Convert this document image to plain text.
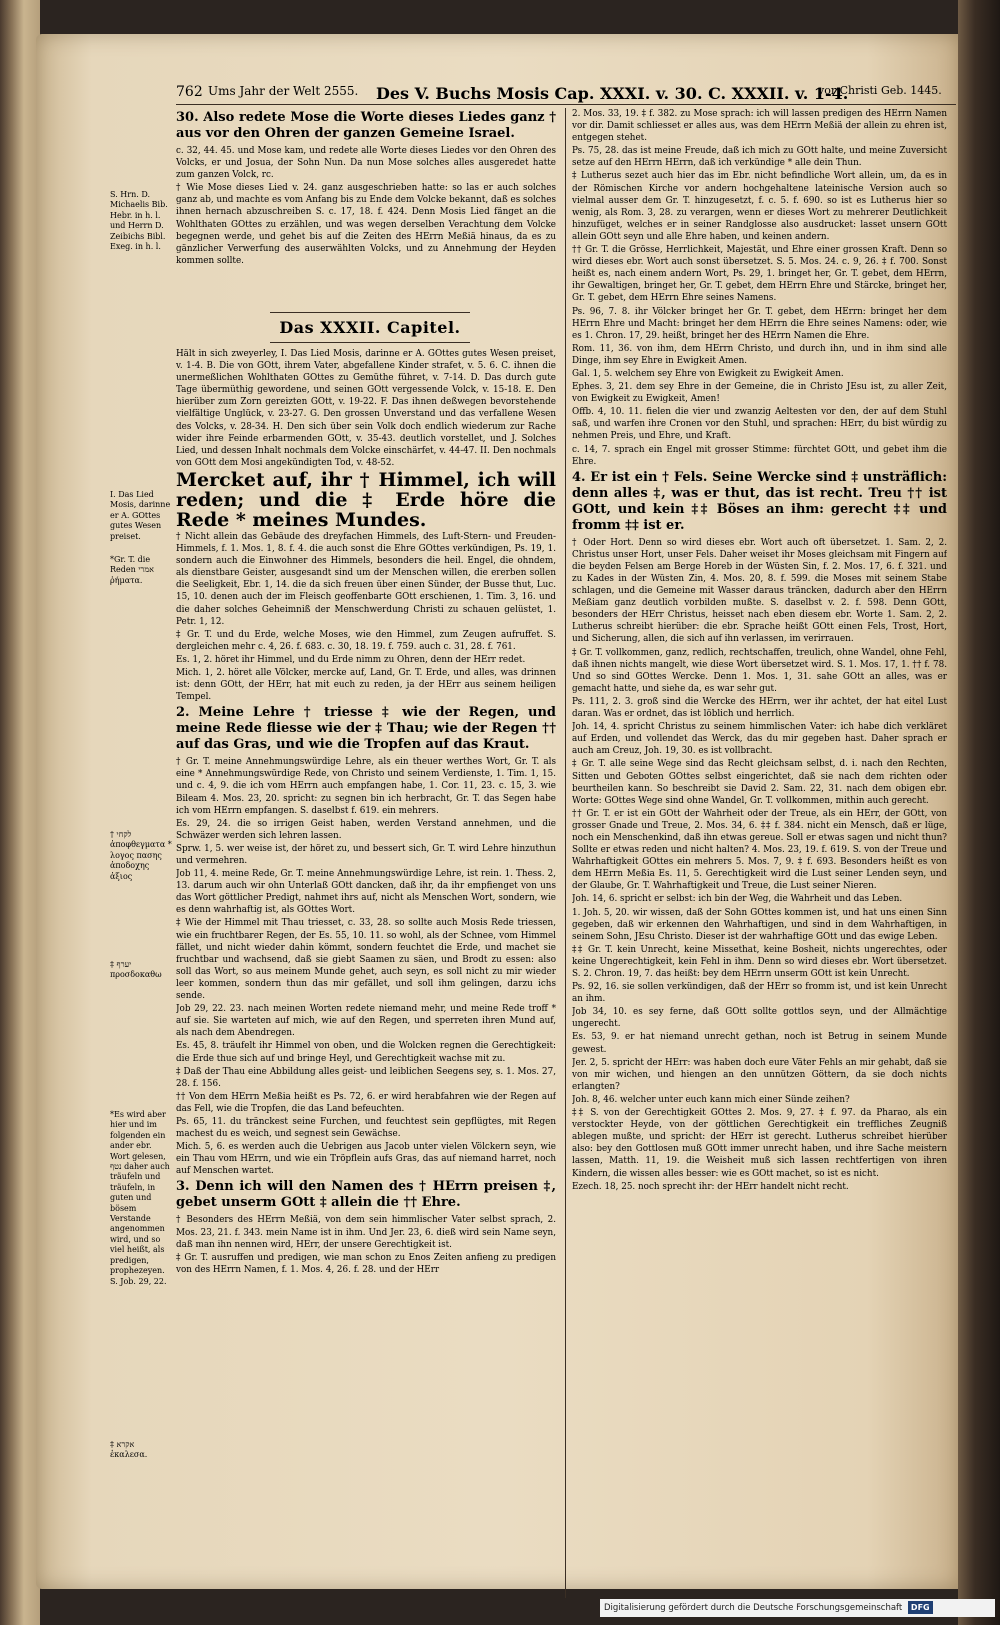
762 Ums Jahr der Welt 2555. Des V. Buchs Mosis Cap. XXXI. v. 30. C. XXXII. v. 1-4.
vor Christi Geb. 1445.

30. Also redete Mose die Worte dieses Liedes ganz † aus vor den Ohren der ganzen Gemeine Israel.

c. 32, 44. 45. und Mose kam, und redete alle Worte dieses Liedes vor den Ohren des Volcks, er und Josua, der Sohn Nun. Da nun Mose solches alles ausgeredet hatte zum ganzen Volck, rc.

† Wie Mose dieses Lied v. 24. ganz ausgeschrieben hatte: so las er auch solches ganz ab, und machte es vom Anfang bis zu Ende dem Volcke bekannt, daß es solches ihnen hernach abzuschreiben S. c. 17, 18. f. 424. Denn Mosis Lied fänget an die Wohlthaten GOttes zu erzählen, und was wegen derselben Verachtung dem Volcke begegnen werde, und gehet bis auf die Zeiten des HErrn Meßiä hinaus, da es zu gänzlicher Verwerfung des auserwählten Volcks, und zu Annehmung der Heyden kommen sollte.

Das XXXII. Capitel.

Hält in sich zweyerley, I. Das Lied Mosis, darinne er A. GOttes gutes Wesen preiset, v. 1-4. B. Die von GOtt, ihrem Vater, abgefallene Kinder strafet, v. 5. 6. C. ihnen die unermeßlichen Wohlthaten GOttes zu Gemüthe führet, v. 7-14. D. Das durch gute Tage übermüthig gewordene, und seinen GOtt vergessende Volck, v. 15-18. E. Den hierüber zum Zorn gereizten GOtt, v. 19-22. F. Das ihnen deßwegen bevorstehende vielfältige Unglück, v. 23-27. G. Den grossen Unverstand und das verfallene Wesen des Volcks, v. 28-34. H. Den sich über sein Volk doch endlich wiederum zur Rache wider ihre Feinde erbarmenden GOtt, v. 35-43. deutlich vorstellet, und J. Solches Lied, und dessen Inhalt nochmals dem Volcke einschärfet, v. 44-47. II. Den nochmals von GOtt dem Mosi angekündigten Tod, v. 48-52.

Mercket auf, ihr † Himmel, ich will reden; und die ‡ Erde höre die Rede * meines Mundes.

† Nicht allein das Gebäude des dreyfachen Himmels, des Luft-Stern- und Freuden-Himmels, f. 1. Mos. 1, 8. f. 4. die auch sonst die Ehre GOttes verkündigen, Ps. 19, 1. sondern auch die Einwohner des Himmels, besonders die heil. Engel, die ohndem, als dienstbare Geister, ausgesandt sind um der Menschen willen, die ererben sollen die Seeligkeit, Ebr. 1, 14. die da sich freuen über einen Sünder, der Busse thut, Luc. 15, 10. denen auch der im Fleisch geoffenbarte GOtt erschienen, 1. Tim. 3, 16. und die daher solches Geheimniß der Menschwerdung Christi zu schauen gelüstet, 1. Petr. 1, 12.

‡ Gr. T. und du Erde, welche Moses, wie den Himmel, zum Zeugen aufruffet. S. dergleichen mehr c. 4, 26. f. 683. c. 30, 18. 19. f. 759. auch c. 31, 28. f. 761.

Es. 1, 2. höret ihr Himmel, und du Erde nimm zu Ohren, denn der HErr redet.

Mich. 1, 2. höret alle Völcker, mercke auf, Land, Gr. T. Erde, und alles, was drinnen ist: denn GOtt, der HErr, hat mit euch zu reden, ja der HErr aus seinem heiligen Tempel.

2. Meine Lehre † triesse ‡ wie der Regen, und meine Rede fliesse wie der ‡ Thau; wie der Regen †† auf das Gras, und wie die Tropfen auf das Kraut.

† Gr. T. meine Annehmungswürdige Lehre, als ein theuer werthes Wort, Gr. T. als eine * Annehmungswürdige Rede, von Christo und seinem Verdienste, 1. Tim. 1, 15. und c. 4, 9. die ich vom HErrn auch empfangen habe, 1. Cor. 11, 23. c. 15, 3. wie Bileam 4. Mos. 23, 20. spricht: zu segnen bin ich herbracht, Gr. T. das Segen habe ich vom HErrn empfangen. S. daselbst f. 619. ein mehrers.

Es. 29, 24. die so irrigen Geist haben, werden Verstand annehmen, und die Schwäzer werden sich lehren lassen.

Sprw. 1, 5. wer weise ist, der höret zu, und bessert sich, Gr. T. wird Lehre hinzuthun und vermehren.

Job 11, 4. meine Rede, Gr. T. meine Annehmungswürdige Lehre, ist rein. 1. Thess. 2, 13. darum auch wir ohn Unterlaß GOtt dancken, daß ihr, da ihr empfienget von uns das Wort göttlicher Predigt, nahmet ihrs auf, nicht als Menschen Wort, sondern, wie es denn wahrhaftig ist, als GOttes Wort.

‡ Wie der Himmel mit Thau triesset, c. 33, 28. so sollte auch Mosis Rede triessen, wie ein fruchtbarer Regen, der Es. 55, 10. 11. so wohl, als der Schnee, vom Himmel fället, und nicht wieder dahin kömmt, sondern feuchtet die Erde, und machet sie fruchtbar und wachsend, daß sie giebt Saamen zu säen, und Brodt zu essen: also soll das Wort, so aus meinem Munde gehet, auch seyn, es soll nicht zu mir wieder leer kommen, sondern thun das mir gefället, und soll ihm gelingen, darzu ichs sende.

Job 29, 22. 23. nach meinen Worten redete niemand mehr, und meine Rede troff * auf sie. Sie warteten auf mich, wie auf den Regen, und sperreten ihren Mund auf, als nach dem Abendregen.

Es. 45, 8. träufelt ihr Himmel von oben, und die Wolcken regnen die Gerechtigkeit: die Erde thue sich auf und bringe Heyl, und Gerechtigkeit wachse mit zu.

‡ Daß der Thau eine Abbildung alles geist- und leiblichen Seegens sey, s. 1. Mos. 27, 28. f. 156.

†† Von dem HErrn Meßia heißt es Ps. 72, 6. er wird herabfahren wie der Regen auf das Fell, wie die Tropfen, die das Land befeuchten.

Ps. 65, 11. du tränckest seine Furchen, und feuchtest sein gepflügtes, mit Regen machest du es weich, und segnest sein Gewächse.

Mich. 5, 6. es werden auch die Uebrigen aus Jacob unter vielen Völckern seyn, wie ein Thau vom HErrn, und wie ein Tröpflein aufs Gras, das auf niemand harret, noch auf Menschen wartet.

3. Denn ich will den Namen des † HErrn preisen ‡, gebet unserm GOtt ‡ allein die †† Ehre.

† Besonders des HErrn Meßiä, von dem sein himmlischer Vater selbst sprach, 2. Mos. 23, 21. f. 343. mein Name ist in ihm. Und Jer. 23, 6. dieß wird sein Name seyn, daß man ihn nennen wird, HErr, der unsere Gerechtigkeit ist.

‡ Gr. T. ausruffen und predigen, wie man schon zu Enos Zeiten anfieng zu predigen von des HErrn Namen, f. 1. Mos. 4, 26. f. 28. und der HErr

S. Hrn. D. Michaelis Bib. Hebr. in h. l. und Herrn D. Zeibichs Bibl. Exeg. in h. l.
I. Das Lied Mosis, darinne er A. GOttes gutes Wesen preiset.
*Gr. T. die Reden אמרי ῥήματα.
† לקחי ἀποφθεγματα * λογος πασης ἀποδοχης ἀξιος
‡ יערף προσδοκαθω
*Es wird aber hier und im folgenden ein ander ebr. Wort gelesen, נטף daher auch träufeln und träufeln, in guten und bösem Verstande angenommen wird, und so viel heißt, als predigen, prophezeyen. S. Job. 29, 22.
‡ אקרא ἐκαλεσα.

2. Mos. 33, 19. ‡ f. 382. zu Mose sprach: ich will lassen predigen des HErrn Namen vor dir. Damit schliesset er alles aus, was dem HErrn Meßiä der allein zu ehren ist, entgegen stehet.

Ps. 75, 28. das ist meine Freude, daß ich mich zu GOtt halte, und meine Zuversicht setze auf den HErrn HErrn, daß ich verkündige * alle dein Thun.

‡ Lutherus sezet auch hier das im Ebr. nicht befindliche Wort allein, um, da es in der Römischen Kirche vor andern hochgehaltene lateinische Version auch so vielmal ausser dem Gr. T. hinzugesetzt, f. c. 5. f. 690. so ist es Lutherus hier so wenig, als Rom. 3, 28. zu verargen, wenn er dieses Wort zu mehrerer Deutlichkeit hinzufüget, welches er in seiner Randglosse also ausdrucket: lasset unsern GOtt allein GOtt seyn und alle Ehre haben, und keinen andern.

†† Gr. T. die Grösse, Herrlichkeit, Majestät, und Ehre einer grossen Kraft. Denn so wird dieses ebr. Wort auch sonst übersetzet. S. 5. Mos. 24. c. 9, 26. ‡ f. 700. Sonst heißt es, nach einem andern Wort, Ps. 29, 1. bringet her, Gr. T. gebet, dem HErrn, ihr Gewaltigen, bringet her, Gr. T. gebet, dem HErrn Ehre und Stärcke, bringet her, Gr. T. gebet, dem HErrn Ehre seines Namens.

Ps. 96, 7. 8. ihr Völcker bringet her Gr. T. gebet, dem HErrn: bringet her dem HErrn Ehre und Macht: bringet her dem HErrn die Ehre seines Namens: oder, wie es 1. Chron. 17, 29. heißt, bringet her des HErrn Namen die Ehre.

Rom. 11, 36. von ihm, dem HErrn Christo, und durch ihn, und in ihm sind alle Dinge, ihm sey Ehre in Ewigkeit Amen.

Gal. 1, 5. welchem sey Ehre von Ewigkeit zu Ewigkeit Amen.

Ephes. 3, 21. dem sey Ehre in der Gemeine, die in Christo JEsu ist, zu aller Zeit, von Ewigkeit zu Ewigkeit, Amen!

Offb. 4, 10. 11. fielen die vier und zwanzig Aeltesten vor den, der auf dem Stuhl saß, und warfen ihre Cronen vor den Stuhl, und sprachen: HErr, du bist würdig zu nehmen Preis, und Ehre, und Kraft.

c. 14, 7. sprach ein Engel mit grosser Stimme: fürchtet GOtt, und gebet ihm die Ehre.

4. Er ist ein † Fels. Seine Wercke sind ‡ unsträflich: denn alles ‡, was er thut, das ist recht. Treu †† ist GOtt, und kein ‡‡ Böses an ihm: gerecht ‡‡ und fromm ‡‡ ist er.

† Oder Hort. Denn so wird dieses ebr. Wort auch oft übersetzet. 1. Sam. 2, 2. Christus unser Hort, unser Fels. Daher weiset ihr Moses gleichsam mit Fingern auf die beyden Felsen am Berge Horeb in der Wüsten Sin, f. 2. Mos. 17, 6. f. 321. und zu Kades in der Wüsten Zin, 4. Mos. 20, 8. f. 599. die Moses mit seinem Stabe schlagen, und die Gemeine mit Wasser daraus träncken, dadurch aber den HErrn Meßiam ganz deutlich vorbilden mußte. S. daselbst v. 2. f. 598. Denn GOtt, besonders der HErr Christus, heisset nach eben diesem ebr. Worte 1. Sam. 2, 2. Lutherus schreibt hierüber: die ebr. Sprache heißt GOtt einen Fels, Trost, Hort, und Sicherung, allen, die sich auf ihn verlassen, im verirrauen.

‡ Gr. T. vollkommen, ganz, redlich, rechtschaffen, treulich, ohne Wandel, ohne Fehl, daß ihnen nichts mangelt, wie diese Wort übersetzet wird. S. 1. Mos. 17, 1. †† f. 78. Und so sind GOttes Wercke. Denn 1. Mos. 1, 31. sahe GOtt an alles, was er gemacht hatte, und siehe da, es war sehr gut.

Ps. 111, 2. 3. groß sind die Wercke des HErrn, wer ihr achtet, der hat eitel Lust daran. Was er ordnet, das ist löblich und herrlich.

Joh. 14, 4. spricht Christus zu seinem himmlischen Vater: ich habe dich verkläret auf Erden, und vollendet das Werck, das du mir gegeben hast. Daher sprach er auch am Creuz, Joh. 19, 30. es ist vollbracht.

‡ Gr. T. alle seine Wege sind das Recht gleichsam selbst, d. i. nach den Rechten, Sitten und Geboten GOttes selbst eingerichtet, daß sie nach dem richten oder beurtheilen kann. So beschreibt sie David 2. Sam. 22, 31. nach dem obigen ebr. Worte: GOttes Wege sind ohne Wandel, Gr. T. vollkommen, mithin auch gerecht.

†† Gr. T. er ist ein GOtt der Wahrheit oder der Treue, als ein HErr, der GOtt, von grosser Gnade und Treue, 2. Mos. 34, 6. ‡‡ f. 384. nicht ein Mensch, daß er lüge, noch ein Menschenkind, daß ihn etwas gereue. Soll er etwas sagen und nicht thun? Sollte er etwas reden und nicht halten? 4. Mos. 23, 19. f. 619. S. von der Treue und Wahrhaftigkeit GOttes ein mehrers 5. Mos. 7, 9. ‡ f. 693. Besonders heißt es von dem HErrn Meßia Es. 11, 5. Gerechtigkeit wird die Lust seiner Lenden seyn, und der Glaube, Gr. T. Wahrhaftigkeit und Treue, die Lust seiner Nieren.

Joh. 14, 6. spricht er selbst: ich bin der Weg, die Wahrheit und das Leben.

1. Joh. 5, 20. wir wissen, daß der Sohn GOttes kommen ist, und hat uns einen Sinn gegeben, daß wir erkennen den Wahrhaftigen, und sind in dem Wahrhaftigen, in seinem Sohn, JEsu Christo. Dieser ist der wahrhaftige GOtt und das ewige Leben.

‡‡ Gr. T. kein Unrecht, keine Missethat, keine Bosheit, nichts ungerechtes, oder keine Ungerechtigkeit, kein Fehl in ihm. Denn so wird dieses ebr. Wort übersetzet. S. 2. Chron. 19, 7. das heißt: bey dem HErrn unserm GOtt ist kein Unrecht.

Ps. 92, 16. sie sollen verkündigen, daß der HErr so fromm ist, und ist kein Unrecht an ihm.

Job 34, 10. es sey ferne, daß GOtt sollte gottlos seyn, und der Allmächtige ungerecht.

Es. 53, 9. er hat niemand unrecht gethan, noch ist Betrug in seinem Munde gewest.

Jer. 2, 5. spricht der HErr: was haben doch eure Väter Fehls an mir gehabt, daß sie von mir wichen, und hiengen an den unnützen Göttern, da sie doch nichts erlangten?

Joh. 8, 46. welcher unter euch kann mich einer Sünde zeihen?

‡‡ S. von der Gerechtigkeit GOttes 2. Mos. 9, 27. ‡ f. 97. da Pharao, als ein verstockter Heyde, von der göttlichen Gerechtigkeit ein treffliches Zeugniß ablegen mußte, und spricht: der HErr ist gerecht. Lutherus schreibet hierüber also: bey den Gottlosen muß GOtt immer unrecht haben, und ihre Sache meistern lassen, Matth. 11, 19. die Weisheit muß sich lassen rechtfertigen von ihren Kindern, die wissen alles besser: wie es GOtt machet, so ist es nicht.

Ezech. 18, 25. noch sprecht ihr: der HErr handelt nicht recht.

Digitalisierung gefördert durch die Deutsche Forschungsgemeinschaft DFG
